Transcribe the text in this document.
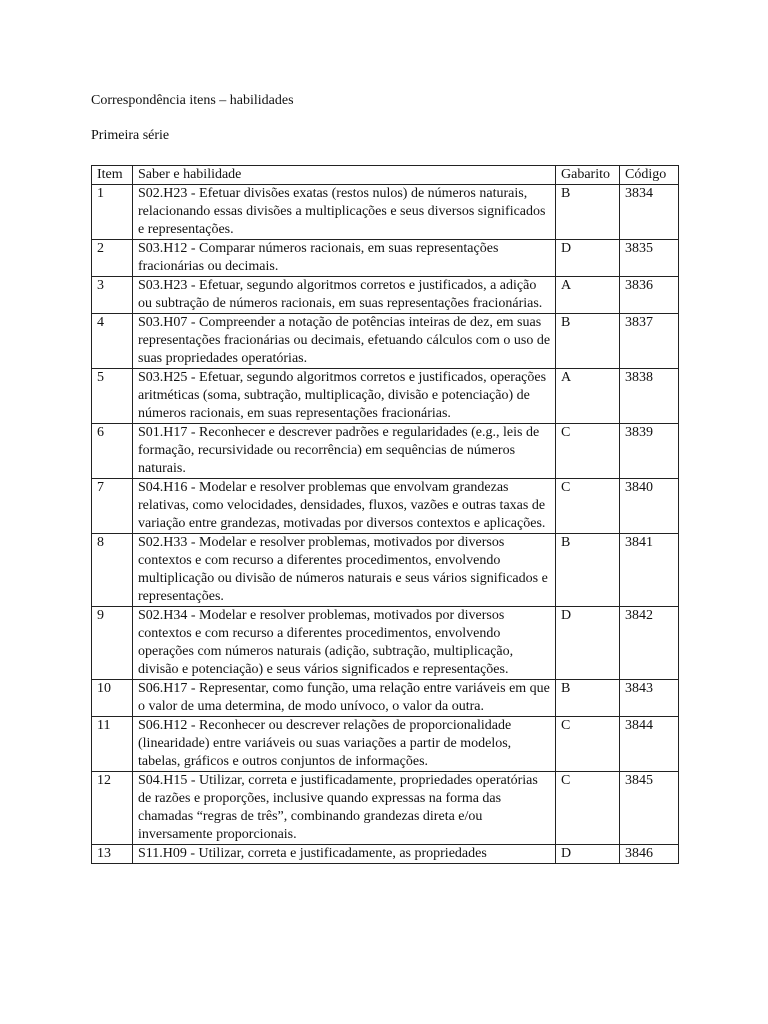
Correspondência itens – habilidades
Primeira série
Item	Saber e habilidade	Gabarito	Código
1	S02.H23 - Efetuar divisões exatas (restos nulos) de números naturais, relacionando essas divisões a multiplicações e seus diversos significados e representações.	B	3834
2	S03.H12 - Comparar números racionais, em suas representações fracionárias ou decimais.	D	3835
3	S03.H23 - Efetuar, segundo algoritmos corretos e justificados, a adição ou subtração de números racionais, em suas representações fracionárias.	A	3836
4	S03.H07 - Compreender a notação de potências inteiras de dez, em suas representações fracionárias ou decimais, efetuando cálculos com o uso de suas propriedades operatórias.	B	3837
5	S03.H25 - Efetuar, segundo algoritmos corretos e justificados, operações aritméticas (soma, subtração, multiplicação, divisão e potenciação) de números racionais, em suas representações fracionárias.	A	3838
6	S01.H17 - Reconhecer e descrever padrões e regularidades (e.g., leis de formação, recursividade ou recorrência) em sequências de números naturais.	C	3839
7	S04.H16 - Modelar e resolver problemas que envolvam grandezas relativas, como velocidades, densidades, fluxos, vazões e outras taxas de variação entre grandezas, motivadas por diversos contextos e aplicações.	C	3840
8	S02.H33 - Modelar e resolver problemas, motivados por diversos contextos e com recurso a diferentes procedimentos, envolvendo multiplicação ou divisão de números naturais e seus vários significados e representações.	B	3841
9	S02.H34 - Modelar e resolver problemas, motivados por diversos contextos e com recurso a diferentes procedimentos, envolvendo operações com números naturais (adição, subtração, multiplicação, divisão e potenciação) e seus vários significados e representações.	D	3842
10	S06.H17 - Representar, como função, uma relação entre variáveis em que o valor de uma determina, de modo unívoco, o valor da outra.	B	3843
11	S06.H12 - Reconhecer ou descrever relações de proporcionalidade (linearidade) entre variáveis ou suas variações a partir de modelos, tabelas, gráficos e outros conjuntos de informações.	C	3844
12	S04.H15 - Utilizar, correta e justificadamente, propriedades operatórias de razões e proporções, inclusive quando expressas na forma das chamadas “regras de três”, combinando grandezas direta e/ou inversamente proporcionais.	C	3845
13	S11.H09 - Utilizar, correta e justificadamente, as propriedades	D	3846
